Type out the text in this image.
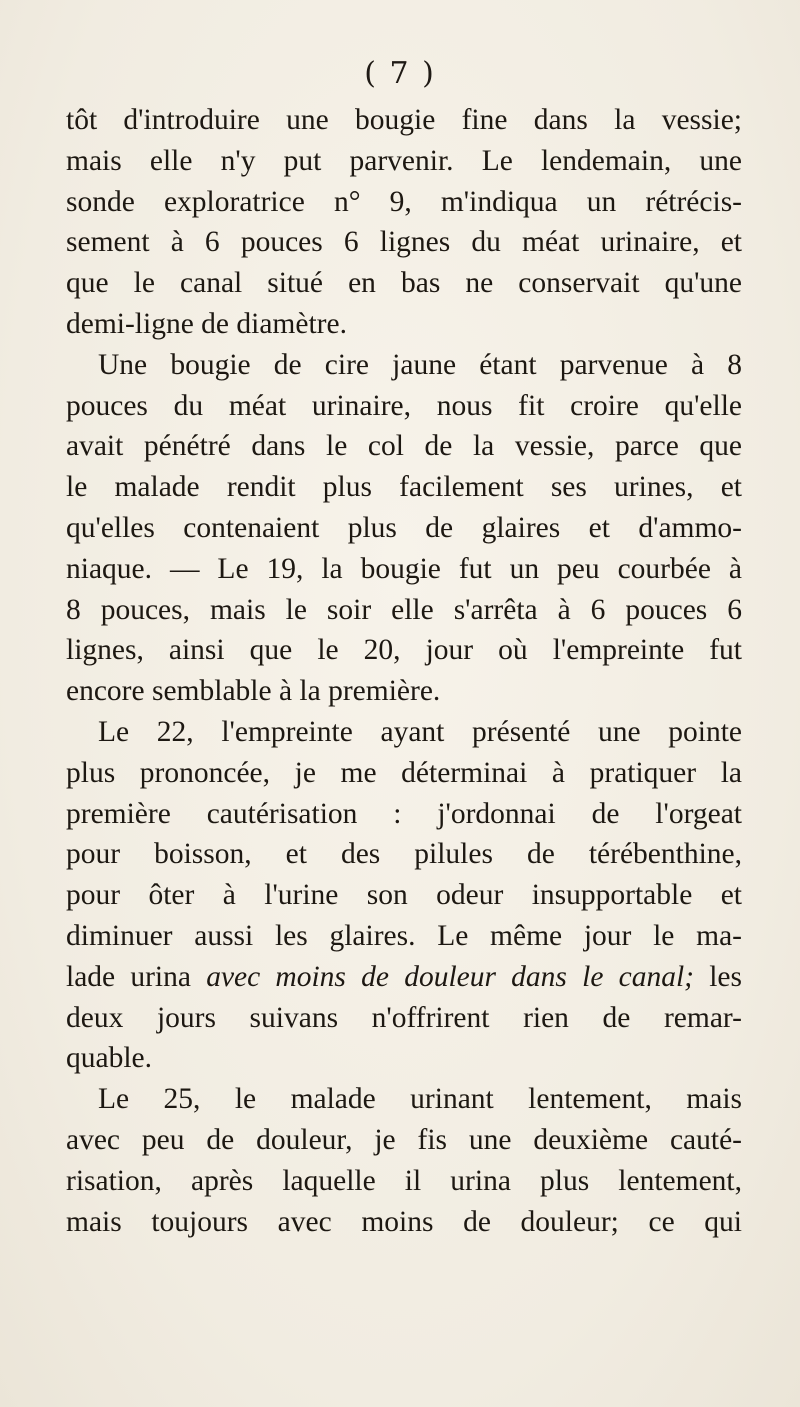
( 7 )
tôt d'introduire une bougie fine dans la vessie;
mais elle n'y put parvenir. Le lendemain, une
sonde exploratrice n° 9, m'indiqua un rétrécis-
sement à 6 pouces 6 lignes du méat urinaire, et
que le canal situé en bas ne conservait qu'une
demi-ligne de diamètre.
Une bougie de cire jaune étant parvenue à 8
pouces du méat urinaire, nous fit croire qu'elle
avait pénétré dans le col de la vessie, parce que
le malade rendit plus facilement ses urines, et
qu'elles contenaient plus de glaires et d'ammo-
niaque. — Le 19, la bougie fut un peu courbée à
8 pouces, mais le soir elle s'arrêta à 6 pouces 6
lignes, ainsi que le 20, jour où l'empreinte fut
encore semblable à la première.
Le 22, l'empreinte ayant présenté une pointe
plus prononcée, je me déterminai à pratiquer la
première cautérisation : j'ordonnai de l'orgeat
pour boisson, et des pilules de térébenthine,
pour ôter à l'urine son odeur insupportable et
diminuer aussi les glaires. Le même jour le ma-
lade urina avec moins de douleur dans le canal; les
deux jours suivans n'offrirent rien de remar-
quable.
Le 25, le malade urinant lentement, mais
avec peu de douleur, je fis une deuxième cauté-
risation, après laquelle il urina plus lentement,
mais toujours avec moins de douleur; ce qui
